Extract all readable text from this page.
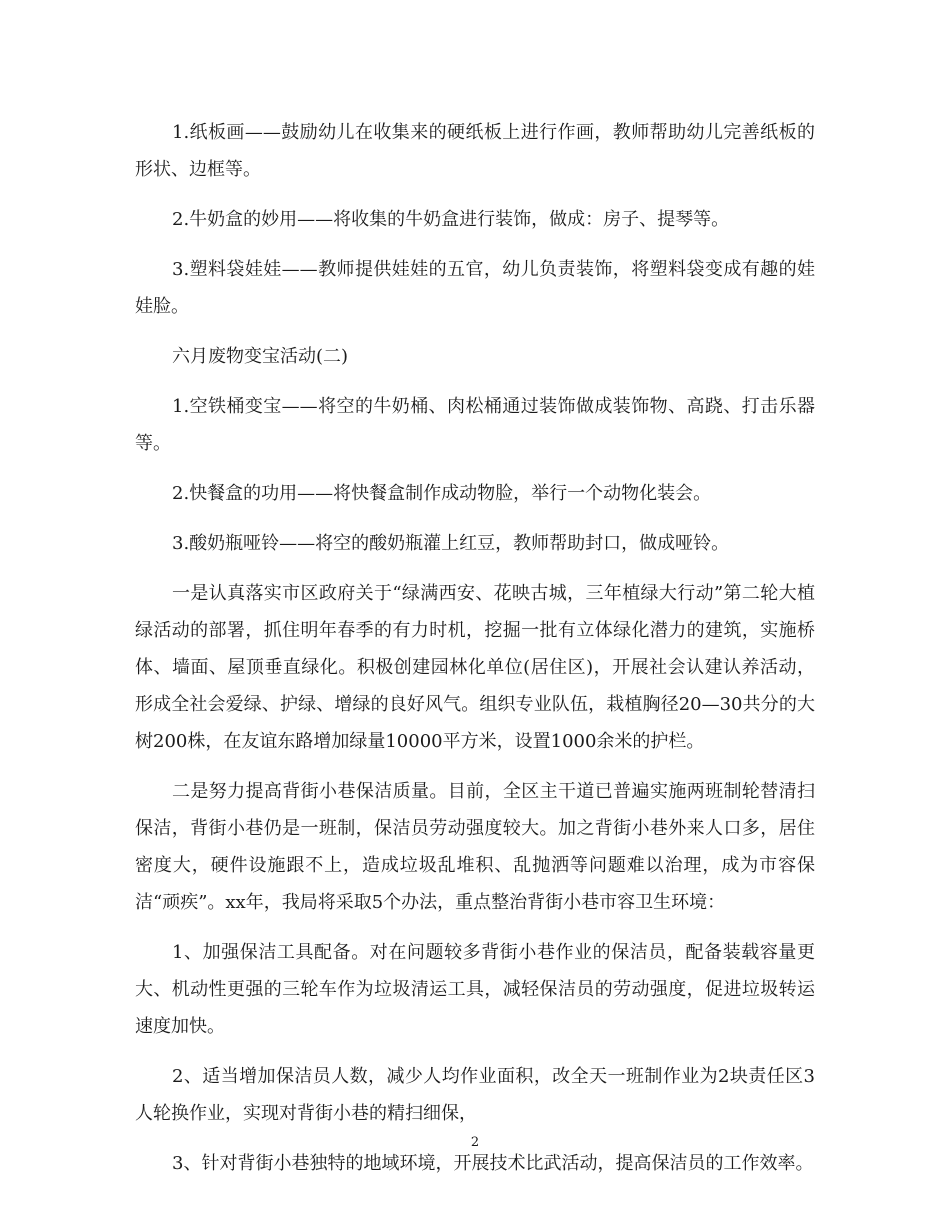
1.纸板画——鼓励幼儿在收集来的硬纸板上进行作画，教师帮助幼儿完善纸板的形状、边框等。

2.牛奶盒的妙用——将收集的牛奶盒进行装饰，做成：房子、提琴等。

3.塑料袋娃娃——教师提供娃娃的五官，幼儿负责装饰，将塑料袋变成有趣的娃娃脸。

六月废物变宝活动(二)

1.空铁桶变宝——将空的牛奶桶、肉松桶通过装饰做成装饰物、高跷、打击乐器等。

2.快餐盒的功用——将快餐盒制作成动物脸，举行一个动物化装会。

3.酸奶瓶哑铃——将空的酸奶瓶灌上红豆，教师帮助封口，做成哑铃。

一是认真落实市区政府关于“绿满西安、花映古城，三年植绿大行动”第二轮大植绿活动的部署，抓住明年春季的有力时机，挖掘一批有立体绿化潜力的建筑，实施桥体、墙面、屋顶垂直绿化。积极创建园林化单位(居住区)，开展社会认建认养活动，形成全社会爱绿、护绿、增绿的良好风气。组织专业队伍，栽植胸径20—30共分的大树200株，在友谊东路增加绿量10000平方米，设置1000余米的护栏。

二是努力提高背街小巷保洁质量。目前，全区主干道已普遍实施两班制轮替清扫保洁，背街小巷仍是一班制，保洁员劳动强度较大。加之背街小巷外来人口多，居住密度大，硬件设施跟不上，造成垃圾乱堆积、乱抛洒等问题难以治理，成为市容保洁“顽疾”。xx年，我局将采取5个办法，重点整治背街小巷市容卫生环境：

1、加强保洁工具配备。对在问题较多背街小巷作业的保洁员，配备装载容量更大、机动性更强的三轮车作为垃圾清运工具，减轻保洁员的劳动强度，促进垃圾转运速度加快。

2、适当增加保洁员人数，减少人均作业面积，改全天一班制作业为2块责任区3人轮换作业，实现对背街小巷的精扫细保，

3、针对背街小巷独特的地域环境，开展技术比武活动，提高保洁员的工作效率。

2
